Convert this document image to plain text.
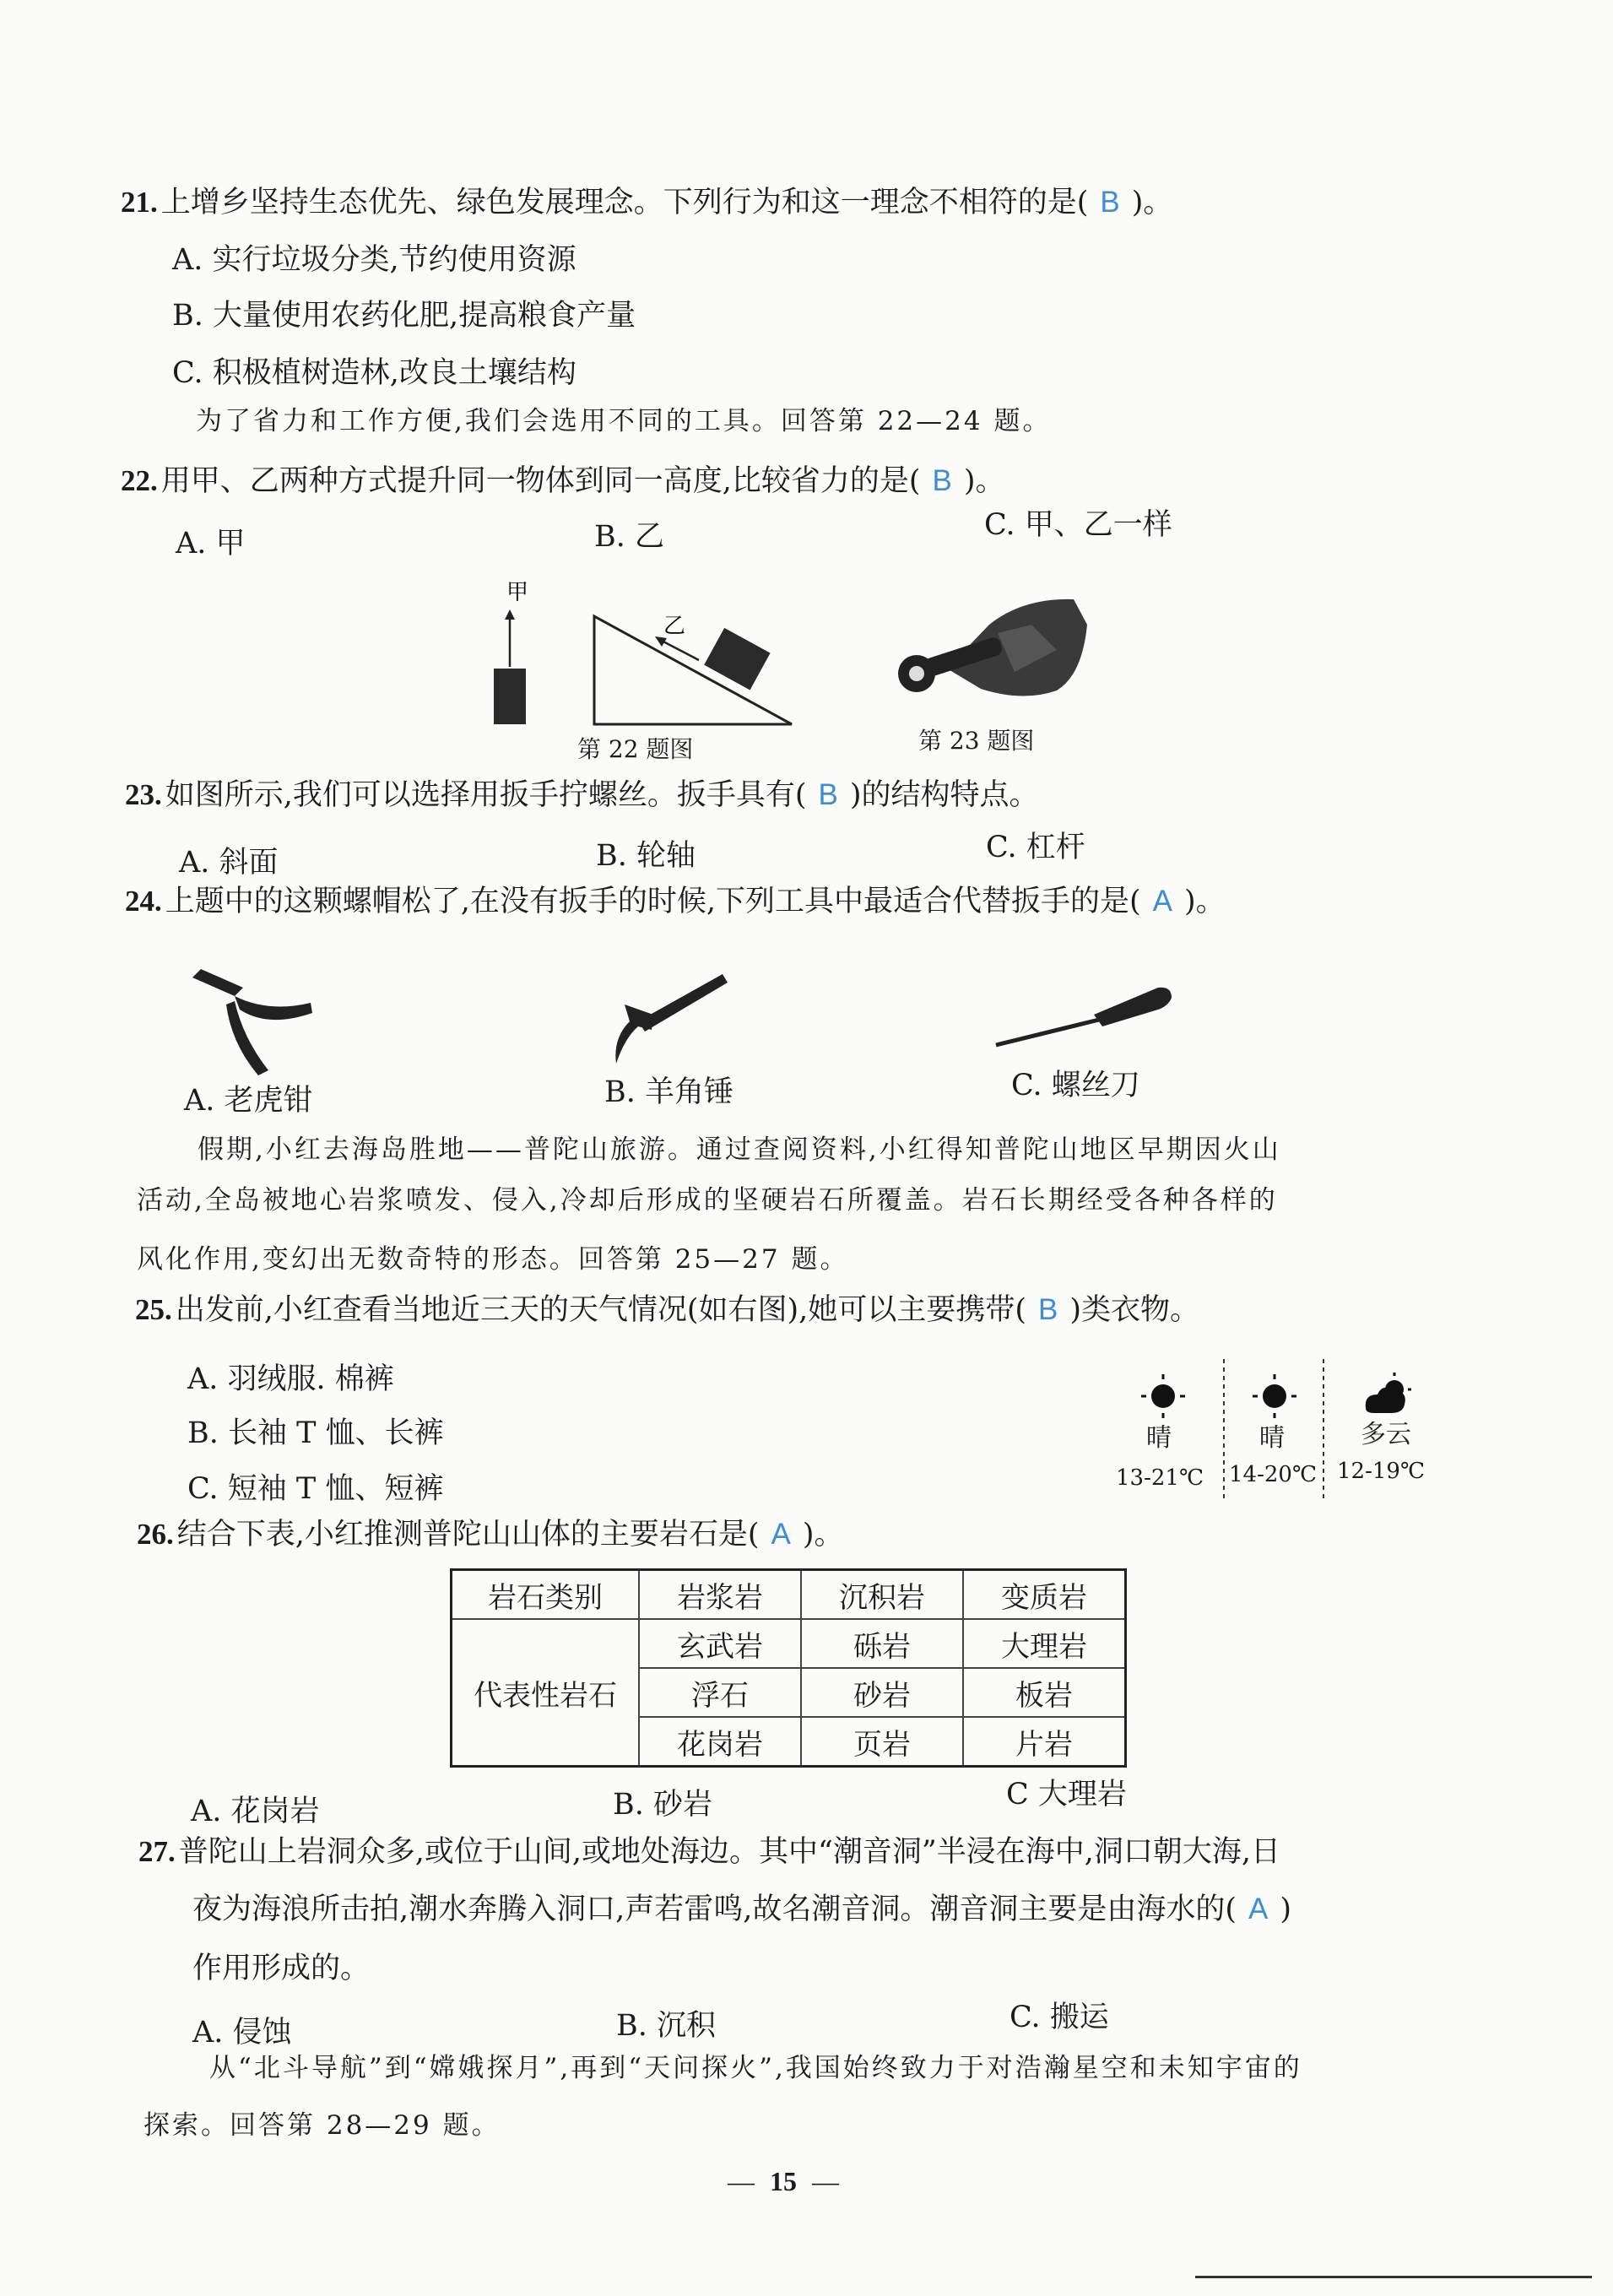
21. 上增乡坚持生态优先、绿色发展理念。下列行为和这一理念不相符的是( B )。
A. 实行垃圾分类,节约使用资源
B. 大量使用农药化肥,提高粮食产量
C. 积极植树造林,改良土壤结构
为了省力和工作方便,我们会选用不同的工具。回答第 22—24 题。
22. 用甲、乙两种方式提升同一物体到同一高度,比较省力的是( B )。
A. 甲	B. 乙	C. 甲、乙一样
甲
乙
第 22 题图	第 23 题图
23. 如图所示,我们可以选择用扳手拧螺丝。扳手具有( B )的结构特点。
A. 斜面	B. 轮轴	C. 杠杆
24. 上题中的这颗螺帽松了,在没有扳手的时候,下列工具中最适合代替扳手的是( A )。
A. 老虎钳	B. 羊角锤	C. 螺丝刀
假期,小红去海岛胜地——普陀山旅游。通过查阅资料,小红得知普陀山地区早期因火山
活动,全岛被地心岩浆喷发、侵入,冷却后形成的坚硬岩石所覆盖。岩石长期经受各种各样的
风化作用,变幻出无数奇特的形态。回答第 25—27 题。
25. 出发前,小红查看当地近三天的天气情况(如右图),她可以主要携带( B )类衣物。
A. 羽绒服. 棉裤
B. 长袖 T 恤、长裤
C. 短袖 T 恤、短裤
晴
13-21℃
晴
14-20℃
多云
12-19℃
26. 结合下表,小红推测普陀山山体的主要岩石是( A )。
岩石类别	岩浆岩	沉积岩	变质岩
代表性岩石	玄武岩	砾岩	大理岩
	浮石	砂岩	板岩
	花岗岩	页岩	片岩
A. 花岗岩	B. 砂岩	C 大理岩
27. 普陀山上岩洞众多,或位于山间,或地处海边。其中“潮音洞”半浸在海中,洞口朝大海,日
夜为海浪所击拍,潮水奔腾入洞口,声若雷鸣,故名潮音洞。潮音洞主要是由海水的( A )
作用形成的。
A. 侵蚀	B. 沉积	C. 搬运
从“北斗导航”到“嫦娥探月”,再到“天问探火”,我国始终致力于对浩瀚星空和未知宇宙的
探索。回答第 28—29 题。
— 15 —
